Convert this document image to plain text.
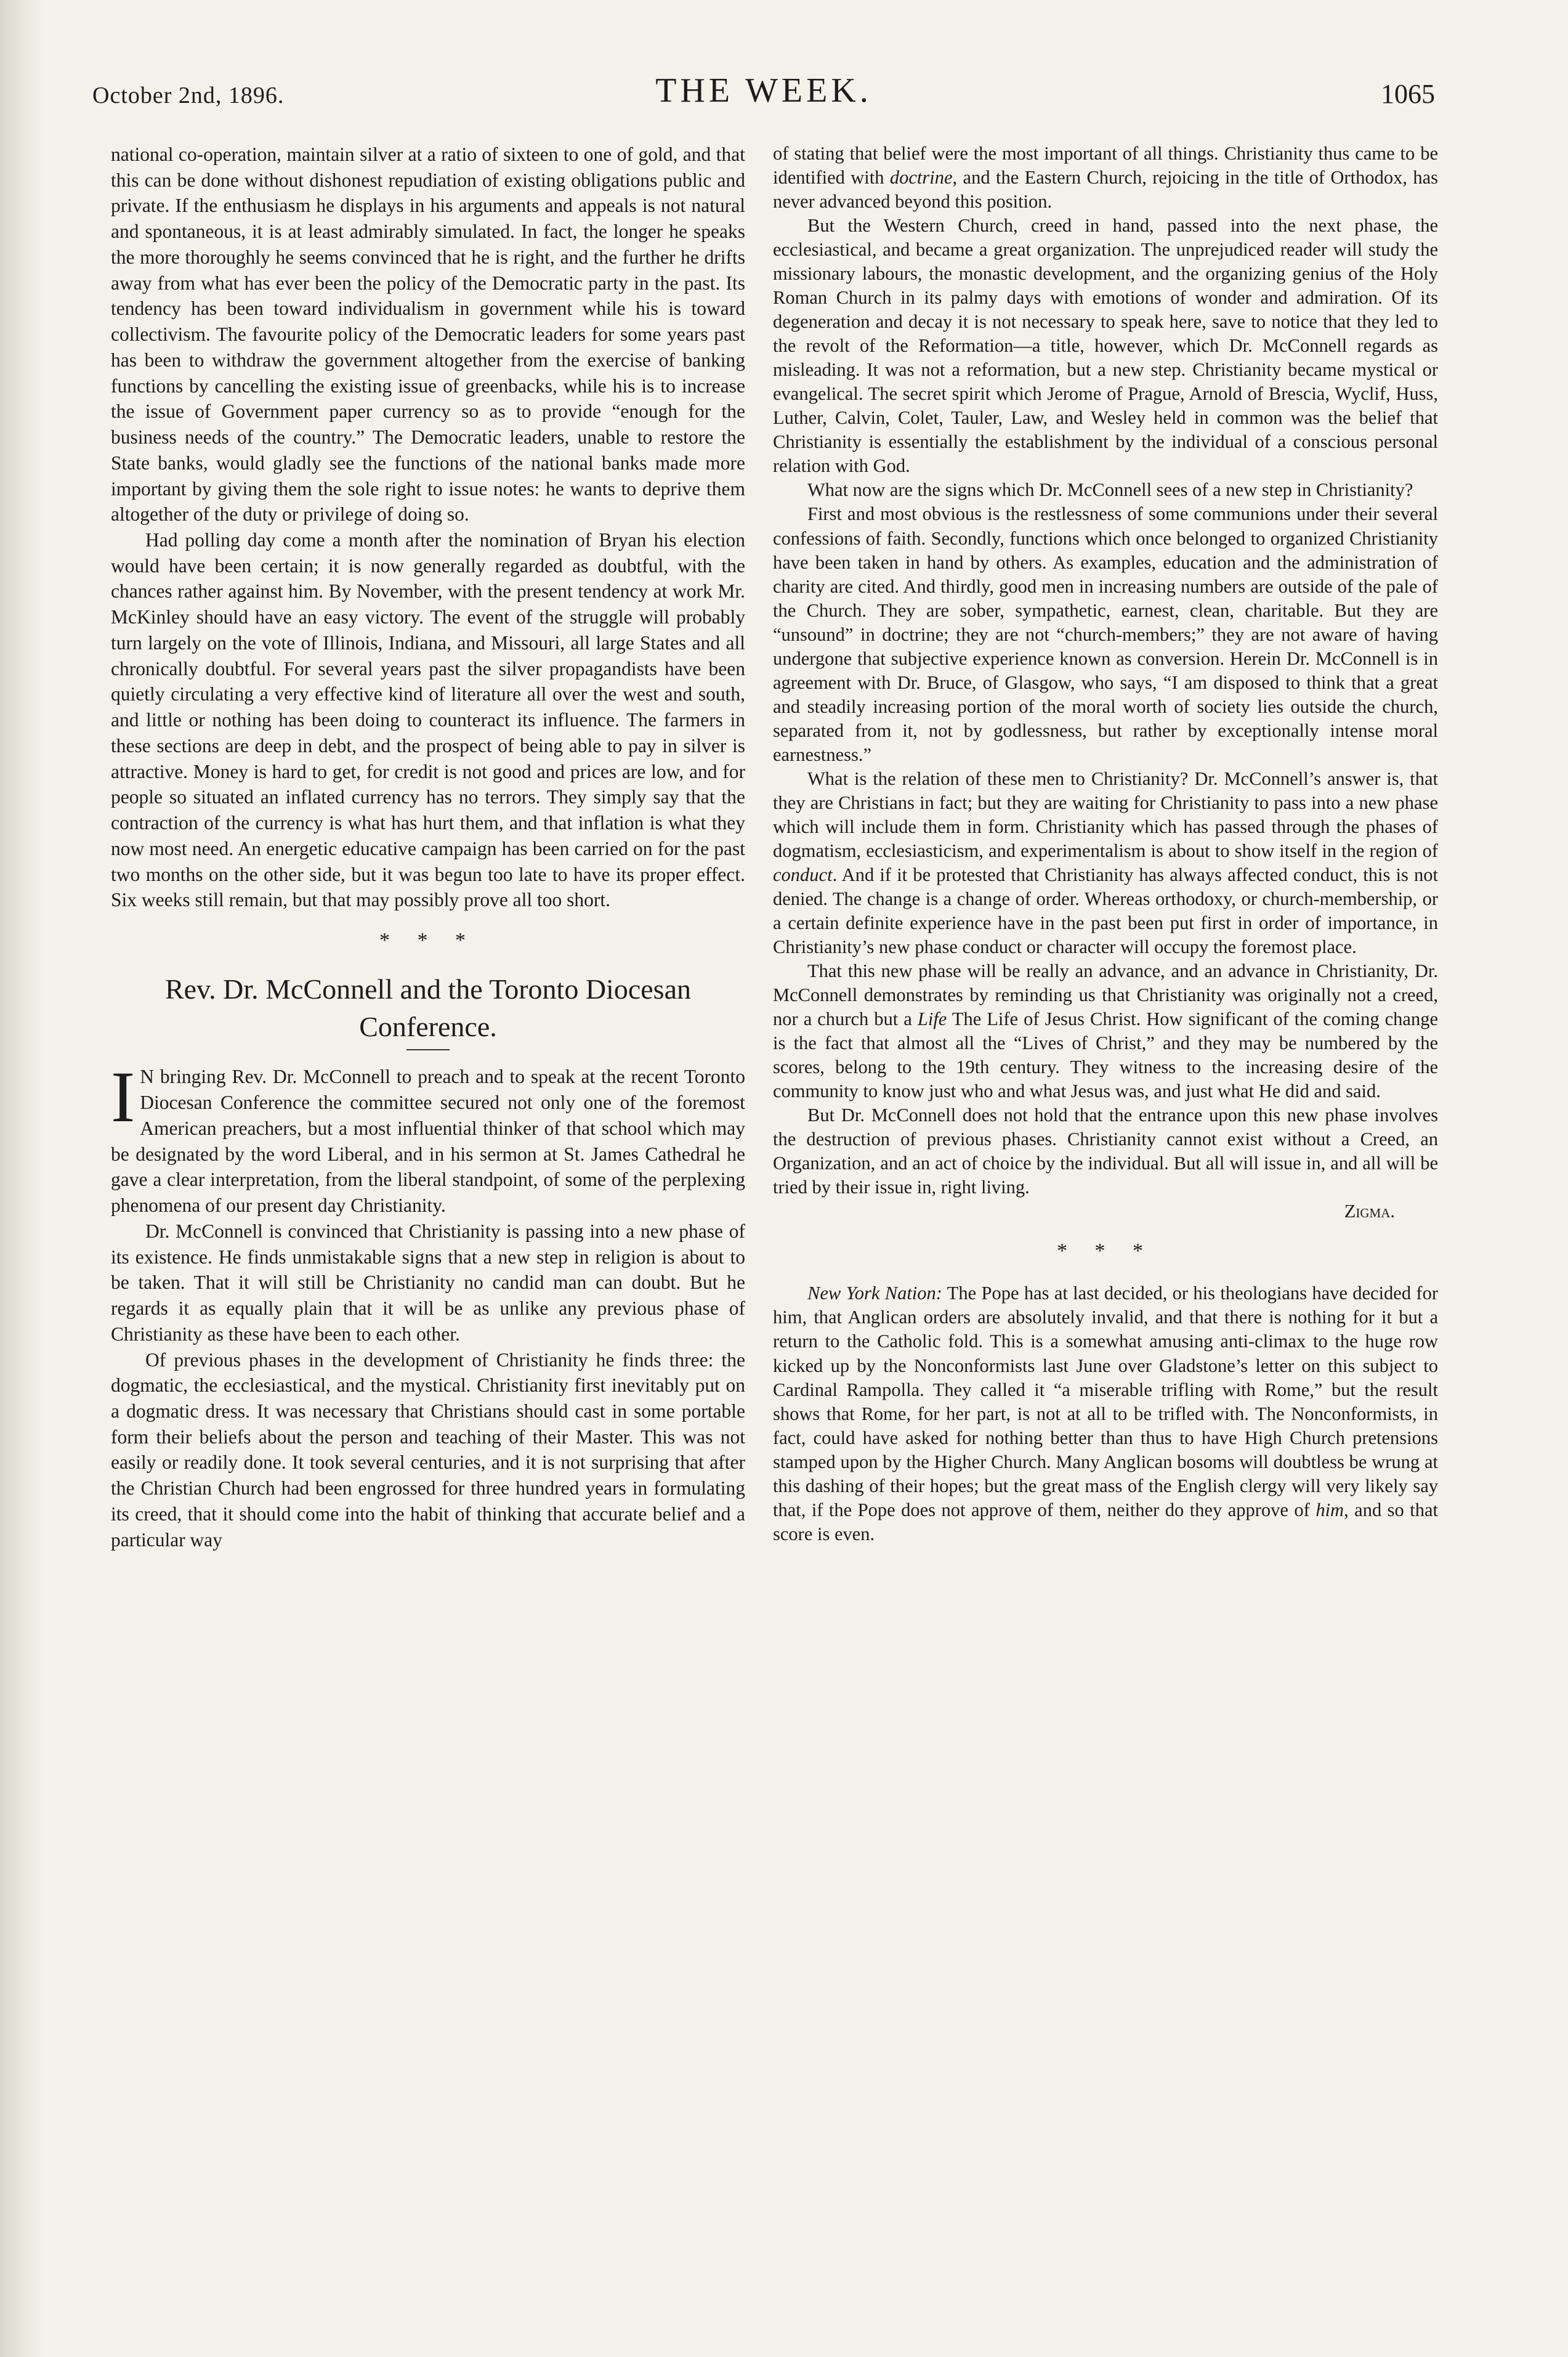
October 2nd, 1896.	THE WEEK.	1065

national co-operation, maintain silver at a ratio of sixteen to one of gold, and that this can be done without dishonest repudiation of existing obligations public and private. If the enthusiasm he displays in his arguments and appeals is not natural and spontaneous, it is at least admirably simulated. In fact, the longer he speaks the more thoroughly he seems convinced that he is right, and the further he drifts away from what has ever been the policy of the Democratic party in the past. Its tendency has been toward individualism in government while his is toward collectivism. The favourite policy of the Democratic leaders for some years past has been to withdraw the government altogether from the exercise of banking functions by cancelling the existing issue of greenbacks, while his is to increase the issue of Government paper currency so as to provide “enough for the business needs of the country.” The Democratic leaders, unable to restore the State banks, would gladly see the functions of the national banks made more important by giving them the sole right to issue notes: he wants to deprive them altogether of the duty or privilege of doing so.

Had polling day come a month after the nomination of Bryan his election would have been certain; it is now generally regarded as doubtful, with the chances rather against him. By November, with the present tendency at work Mr. McKinley should have an easy victory. The event of the struggle will probably turn largely on the vote of Illinois, Indiana, and Missouri, all large States and all chronically doubtful. For several years past the silver propagandists have been quietly circulating a very effective kind of literature all over the west and south, and little or nothing has been doing to counteract its influence. The farmers in these sections are deep in debt, and the prospect of being able to pay in silver is attractive. Money is hard to get, for credit is not good and prices are low, and for people so situated an inflated currency has no terrors. They simply say that the contraction of the currency is what has hurt them, and that inflation is what they now most need. An energetic educative campaign has been carried on for the past two months on the other side, but it was begun too late to have its proper effect. Six weeks still remain, but that may possibly prove all too short.

* * *
Rev. Dr. McConnell and the Toronto Diocesan Conference.

I N bringing Rev. Dr. McConnell to preach and to speak at the recent Toronto Diocesan Conference the committee secured not only one of the foremost American preachers, but a most influential thinker of that school which may be designated by the word Liberal, and in his sermon at St. James Cathedral he gave a clear interpretation, from the liberal standpoint, of some of the perplexing phenomena of our present day Christianity.

Dr. McConnell is convinced that Christianity is passing into a new phase of its existence. He finds unmistakable signs that a new step in religion is about to be taken. That it will still be Christianity no candid man can doubt. But he regards it as equally plain that it will be as unlike any previous phase of Christianity as these have been to each other.

Of previous phases in the development of Christianity he finds three: the dogmatic, the ecclesiastical, and the mystical. Christianity first inevitably put on a dogmatic dress. It was necessary that Christians should cast in some portable form their beliefs about the person and teaching of their Master. This was not easily or readily done. It took several centuries, and it is not surprising that after the Christian Church had been engrossed for three hundred years in formulating its creed, that it should come into the habit of thinking that accurate belief and a particular way

of stating that belief were the most important of all things. Christianity thus came to be identified with doctrine, and the Eastern Church, rejoicing in the title of Orthodox, has never advanced beyond this position.

But the Western Church, creed in hand, passed into the next phase, the ecclesiastical, and became a great organization. The unprejudiced reader will study the missionary labours, the monastic development, and the organizing genius of the Holy Roman Church in its palmy days with emotions of wonder and admiration. Of its degeneration and decay it is not necessary to speak here, save to notice that they led to the revolt of the Reformation—a title, however, which Dr. McConnell regards as misleading. It was not a reformation, but a new step. Christianity became mystical or evangelical. The secret spirit which Jerome of Prague, Arnold of Brescia, Wyclif, Huss, Luther, Calvin, Colet, Tauler, Law, and Wesley held in common was the belief that Christianity is essentially the establishment by the individual of a conscious personal relation with God.

What now are the signs which Dr. McConnell sees of a new step in Christianity?

First and most obvious is the restlessness of some communions under their several confessions of faith. Secondly, functions which once belonged to organized Christianity have been taken in hand by others. As examples, education and the administration of charity are cited. And thirdly, good men in increasing numbers are outside of the pale of the Church. They are sober, sympathetic, earnest, clean, charitable. But they are “unsound” in doctrine; they are not “church-members;” they are not aware of having undergone that subjective experience known as conversion. Herein Dr. McConnell is in agreement with Dr. Bruce, of Glasgow, who says, “I am disposed to think that a great and steadily increasing portion of the moral worth of society lies outside the church, separated from it, not by godlessness, but rather by exceptionally intense moral earnestness.”

What is the relation of these men to Christianity? Dr. McConnell’s answer is, that they are Christians in fact; but they are waiting for Christianity to pass into a new phase which will include them in form. Christianity which has passed through the phases of dogmatism, ecclesiasticism, and experimentalism is about to show itself in the region of conduct. And if it be protested that Christianity has always affected conduct, this is not denied. The change is a change of order. Whereas orthodoxy, or church-membership, or a certain definite experience have in the past been put first in order of importance, in Christianity’s new phase conduct or character will occupy the foremost place.

That this new phase will be really an advance, and an advance in Christianity, Dr. McConnell demonstrates by reminding us that Christianity was originally not a creed, nor a church but a Life The Life of Jesus Christ. How significant of the coming change is the fact that almost all the “Lives of Christ,” and they may be numbered by the scores, belong to the 19th century. They witness to the increasing desire of the community to know just who and what Jesus was, and just what He did and said.

But Dr. McConnell does not hold that the entrance upon this new phase involves the destruction of previous phases. Christianity cannot exist without a Creed, an Organization, and an act of choice by the individual. But all will issue in, and all will be tried by their issue in, right living.

Zigma.

* * *

New York Nation: The Pope has at last decided, or his theologians have decided for him, that Anglican orders are absolutely invalid, and that there is nothing for it but a return to the Catholic fold. This is a somewhat amusing anti-climax to the huge row kicked up by the Nonconformists last June over Gladstone’s letter on this subject to Cardinal Rampolla. They called it “a miserable trifling with Rome,” but the result shows that Rome, for her part, is not at all to be trifled with. The Nonconformists, in fact, could have asked for nothing better than thus to have High Church pretensions stamped upon by the Higher Church. Many Anglican bosoms will doubtless be wrung at this dashing of their hopes; but the great mass of the English clergy will very likely say that, if the Pope does not approve of them, neither do they approve of him, and so that score is even.
